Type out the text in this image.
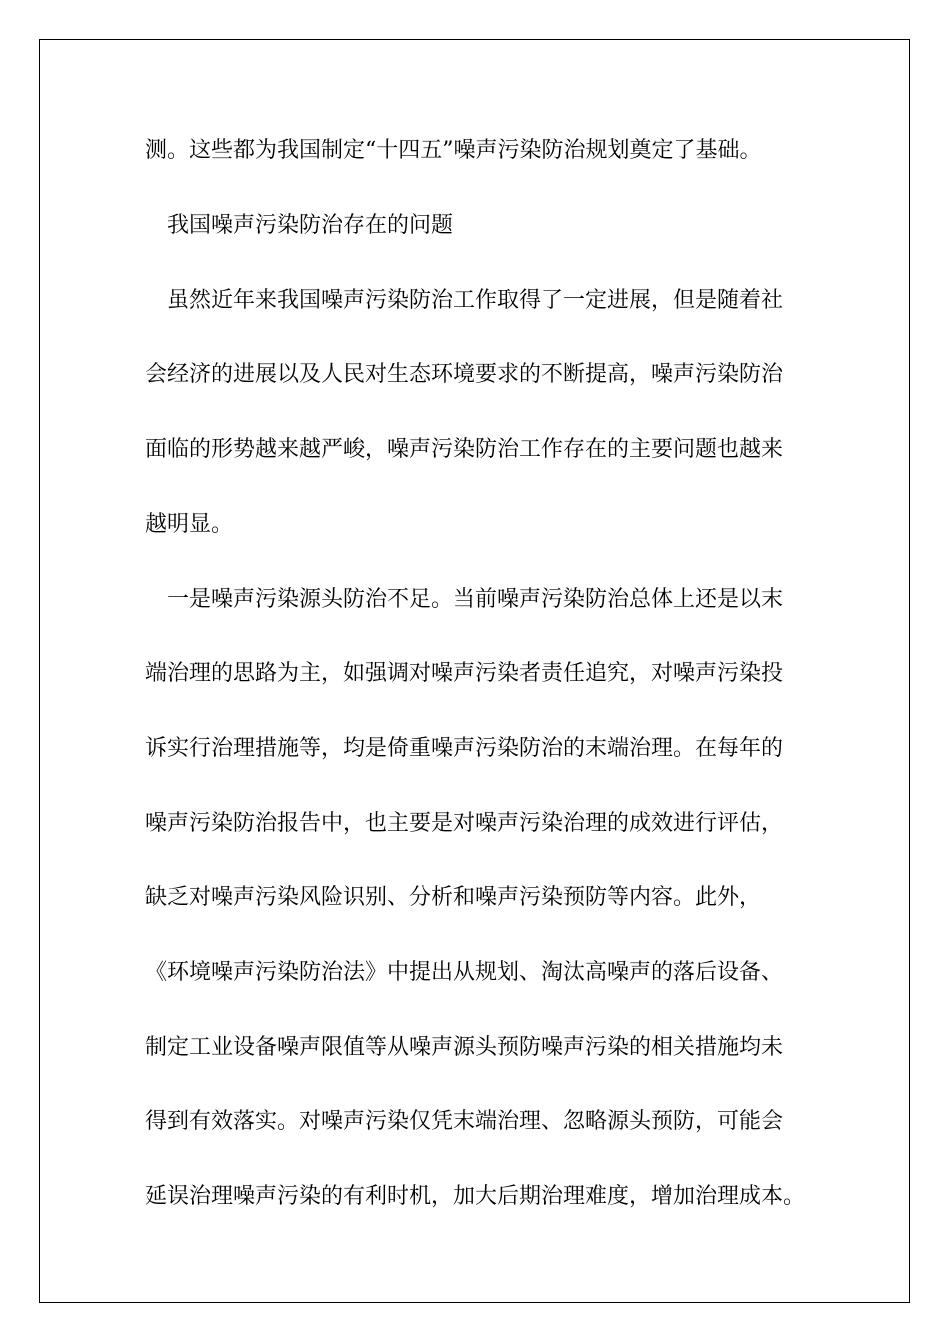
测。这些都为我国制定“十四五”噪声污染防治规划奠定了基础。
我国噪声污染防治存在的问题
虽然近年来我国噪声污染防治工作取得了一定进展，但是随着社
会经济的进展以及人民对生态环境要求的不断提高，噪声污染防治
面临的形势越来越严峻，噪声污染防治工作存在的主要问题也越来
越明显。
一是噪声污染源头防治不足。当前噪声污染防治总体上还是以末
端治理的思路为主，如强调对噪声污染者责任追究，对噪声污染投
诉实行治理措施等，均是倚重噪声污染防治的末端治理。在每年的
噪声污染防治报告中，也主要是对噪声污染治理的成效进行评估，
缺乏对噪声污染风险识别、分析和噪声污染预防等内容。此外，
《环境噪声污染防治法》中提出从规划、淘汰高噪声的落后设备、
制定工业设备噪声限值等从噪声源头预防噪声污染的相关措施均未
得到有效落实。对噪声污染仅凭末端治理、忽略源头预防，可能会
延误治理噪声污染的有利时机，加大后期治理难度，增加治理成本。
